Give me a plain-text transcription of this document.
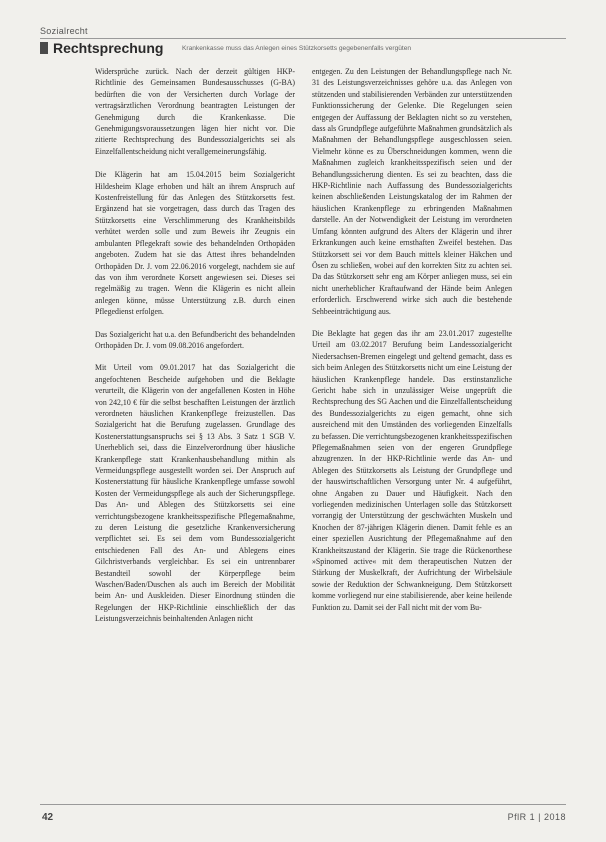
Sozialrecht
Rechtsprechung	Krankenkasse muss das Anlegen eines Stützkorsetts gegebenenfalls vergüten

Widersprüche zurück. Nach der derzeit gültigen HKP-Richtlinie des Gemeinsamen Bundesausschusses (G-BA) bedürften die von der Versicherten durch Vorlage der vertragsärztlichen Verordnung beantragten Leistungen der Genehmigung durch die Krankenkasse. Die Genehmigungsvoraussetzungen lägen hier nicht vor. Die zitierte Rechtsprechung des Bundessozialgerichts sei als Einzelfallentscheidung nicht verallgemeinerungsfähig.

Die Klägerin hat am 15.04.2015 beim Sozialgericht Hildesheim Klage erhoben und hält an ihrem Anspruch auf Kostenfreistellung für das Anlegen des Stützkorsetts fest. Ergänzend hat sie vorgetragen, dass durch das Tragen des Stützkorsetts eine Verschlimmerung des Krankheitsbilds verhütet werden solle und zum Beweis ihr Zeugnis ein ambulanten Pflegekraft sowie des behandelnden Orthopäden angeboten. Zudem hat sie das Attest ihres behandelnden Orthopäden Dr. J. vom 22.06.2016 vorgelegt, nachdem sie auf das von ihm verordnete Korsett angewiesen sei. Dieses sei regelmäßig zu tragen. Wenn die Klägerin es nicht allein anlegen könne, müsse Unterstützung z.B. durch einen Pflegedienst erfolgen.

Das Sozialgericht hat u.a. den Befundbericht des behandelnden Orthopäden Dr. J. vom 09.08.2016 angefordert.

Mit Urteil vom 09.01.2017 hat das Sozialgericht die angefochtenen Bescheide aufgehoben und die Beklagte verurteilt, die Klägerin von der angefallenen Kosten in Höhe von 242,10 € für die selbst beschafften Leistungen der ärztlich verordneten häuslichen Krankenpflege freizustellen. Das Sozialgericht hat die Berufung zugelassen. Grundlage des Kostenerstattungsanspruchs sei § 13 Abs. 3 Satz 1 SGB V. Unerheblich sei, dass die Einzelverordnung über häusliche Krankenpflege statt Krankenhausbehandlung mithin als Vermeidungspflege ausgestellt worden sei. Der Anspruch auf Kostenerstattung für häusliche Krankenpflege umfasse sowohl Kosten der Vermeidungspflege als auch der Sicherungspflege. Das An- und Ablegen des Stützkorsetts sei eine verrichtungsbezogene krankheitsspezifische Pflegemaßnahme, zu deren Leistung die gesetzliche Krankenversicherung verpflichtet sei. Es sei dem vom Bundessozialgericht entschiedenen Fall des An- und Ablegens eines Gilchristverbands vergleichbar. Es sei ein untrennbarer Bestandteil sowohl der Körperpflege beim Waschen/Baden/Duschen als auch im Bereich der Mobilität beim An- und Auskleiden. Dieser Einordnung stünden die Regelungen der HKP-Richtlinie einschließlich der das Leistungsverzeichnis beinhaltenden Anlagen nicht

entgegen. Zu den Leistungen der Behandlungspflege nach Nr. 31 des Leistungsverzeichnisses gehöre u.a. das Anlegen von stützenden und stabilisierenden Verbänden zur unterstützenden Funktionssicherung der Gelenke. Die Regelungen seien entgegen der Auffassung der Beklagten nicht so zu verstehen, dass als Grundpflege aufgeführte Maßnahmen grundsätzlich als Maßnahmen der Behandlungspflege ausgeschlossen seien. Vielmehr könne es zu Überschneidungen kommen, wenn die Maßnahmen zugleich krankheitsspezifisch seien und der Behandlungssicherung dienten. Es sei zu beachten, dass die HKP-Richtlinie nach Auffassung des Bundessozialgerichts keinen abschließenden Leistungskatalog der im Rahmen der häuslichen Krankenpflege zu erbringenden Maßnahmen darstelle. An der Notwendigkeit der Leistung im verordneten Umfang könnten aufgrund des Alters der Klägerin und ihrer Erkrankungen auch keine ernsthaften Zweifel bestehen. Das Stützkorsett sei vor dem Bauch mittels kleiner Häkchen und Ösen zu schließen, wobei auf den korrekten Sitz zu achten sei. Da das Stützkorsett sehr eng am Körper anliegen muss, sei ein nicht unerheblicher Kraftaufwand der Hände beim Anlegen erforderlich. Erschwerend wirke sich auch die bestehende Sehbeeinträchtigung aus.

Die Beklagte hat gegen das ihr am 23.01.2017 zugestellte Urteil am 03.02.2017 Berufung beim Landessozialgericht Niedersachsen-Bremen eingelegt und geltend gemacht, dass es sich beim Anlegen des Stützkorsetts nicht um eine Leistung der häuslichen Krankenpflege handele. Das erstinstanzliche Gericht habe sich in unzulässiger Weise ungeprüft die Rechtsprechung des SG Aachen und die Einzelfallentscheidung des Bundessozialgerichts zu eigen gemacht, ohne sich ausreichend mit den Umständen des vorliegenden Einzelfalls zu befassen. Die verrichtungsbezogenen krankheitsspezifischen Pflegemaßnahmen seien von der engeren Grundpflege abzugrenzen. In der HKP-Richtlinie werde das An- und Ablegen des Stützkorsetts als Leistung der Grundpflege und der hauswirtschaftlichen Versorgung unter Nr. 4 aufgeführt, ohne Angaben zu Dauer und Häufigkeit. Nach den vorliegenden medizinischen Unterlagen solle das Stützkorsett vorrangig der Unterstützung der geschwächten Muskeln und Knochen der 87-jährigen Klägerin dienen. Damit fehle es an einer speziellen Ausrichtung der Pflegemaßnahme auf den Krankheitszustand der Klägerin. Sie trage die Rückenorthese »Spinomed active« mit dem therapeutischen Nutzen der Stärkung der Muskelkraft, der Aufrichtung der Wirbelsäule sowie der Reduktion der Schwankneigung. Dem Stützkorsett komme vorliegend nur eine stabilisierende, aber keine heilende Funktion zu. Damit sei der Fall nicht mit der vom Bu-

42	PflR 1 | 2018
